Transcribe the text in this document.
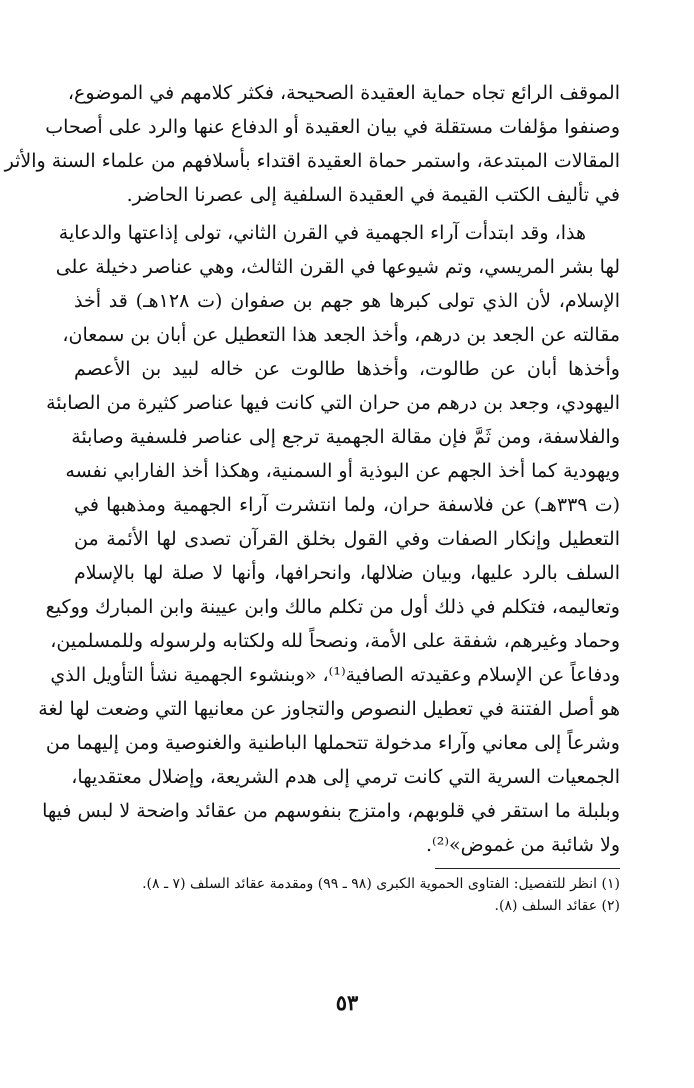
الموقف الرائع تجاه حماية العقيدة الصحيحة، فكثر كلامهم في الموضوع،
وصنفوا مؤلفات مستقلة في بيان العقيدة أو الدفاع عنها والرد على أصحاب
المقالات المبتدعة، واستمر حماة العقيدة اقتداء بأسلافهم من علماء السنة والأثر
في تأليف الكتب القيمة في العقيدة السلفية إلى عصرنا الحاضر.
هذا، وقد ابتدأت آراء الجهمية في القرن الثاني، تولى إذاعتها والدعاية
لها بشر المريسي، وتم شيوعها في القرن الثالث، وهي عناصر دخيلة على
الإسلام، لأن الذي تولى كبرها هو جهم بن صفوان (ت ١٢٨هـ) قد أخذ
مقالته عن الجعد بن درهم، وأخذ الجعد هذا التعطيل عن أبان بن سمعان،
وأخذها أبان عن طالوت، وأخذها طالوت عن خاله لبيد بن الأعصم
اليهودي، وجعد بن درهم من حران التي كانت فيها عناصر كثيرة من الصابئة
والفلاسفة، ومن ثَمَّ فإن مقالة الجهمية ترجع إلى عناصر فلسفية وصابئة
ويهودية كما أخذ الجهم عن البوذية أو السمنية، وهكذا أخذ الفارابي نفسه
(ت ٣٣٩هـ) عن فلاسفة حران، ولما انتشرت آراء الجهمية ومذهبها في
التعطيل وإنكار الصفات وفي القول بخلق القرآن تصدى لها الأئمة من
السلف بالرد عليها، وبيان ضلالها، وانحرافها، وأنها لا صلة لها بالإسلام
وتعاليمه، فتكلم في ذلك أول من تكلم مالك وابن عيينة وابن المبارك ووكيع
وحماد وغيرهم، شفقة على الأمة، ونصحاً لله ولكتابه ولرسوله وللمسلمين،
ودفاعاً عن الإسلام وعقيدته الصافية⁽¹⁾، «وبنشوء الجهمية نشأ التأويل الذي
هو أصل الفتنة في تعطيل النصوص والتجاوز عن معانيها التي وضعت لها لغة
وشرعاً إلى معاني وآراء مدخولة تتحملها الباطنية والغنوصية ومن إليهما من
الجمعيات السرية التي كانت ترمي إلى هدم الشريعة، وإضلال معتقديها،
وبلبلة ما استقر في قلوبهم، وامتزج بنفوسهم من عقائد واضحة لا لبس فيها
ولا شائبة من غموض»⁽²⁾.
(١) انظر للتفصيل: الفتاوى الحموية الكبرى (٩٨ ـ ٩٩) ومقدمة عقائد السلف (٧ ـ ٨).
(٢) عقائد السلف (٨).
٥٣
